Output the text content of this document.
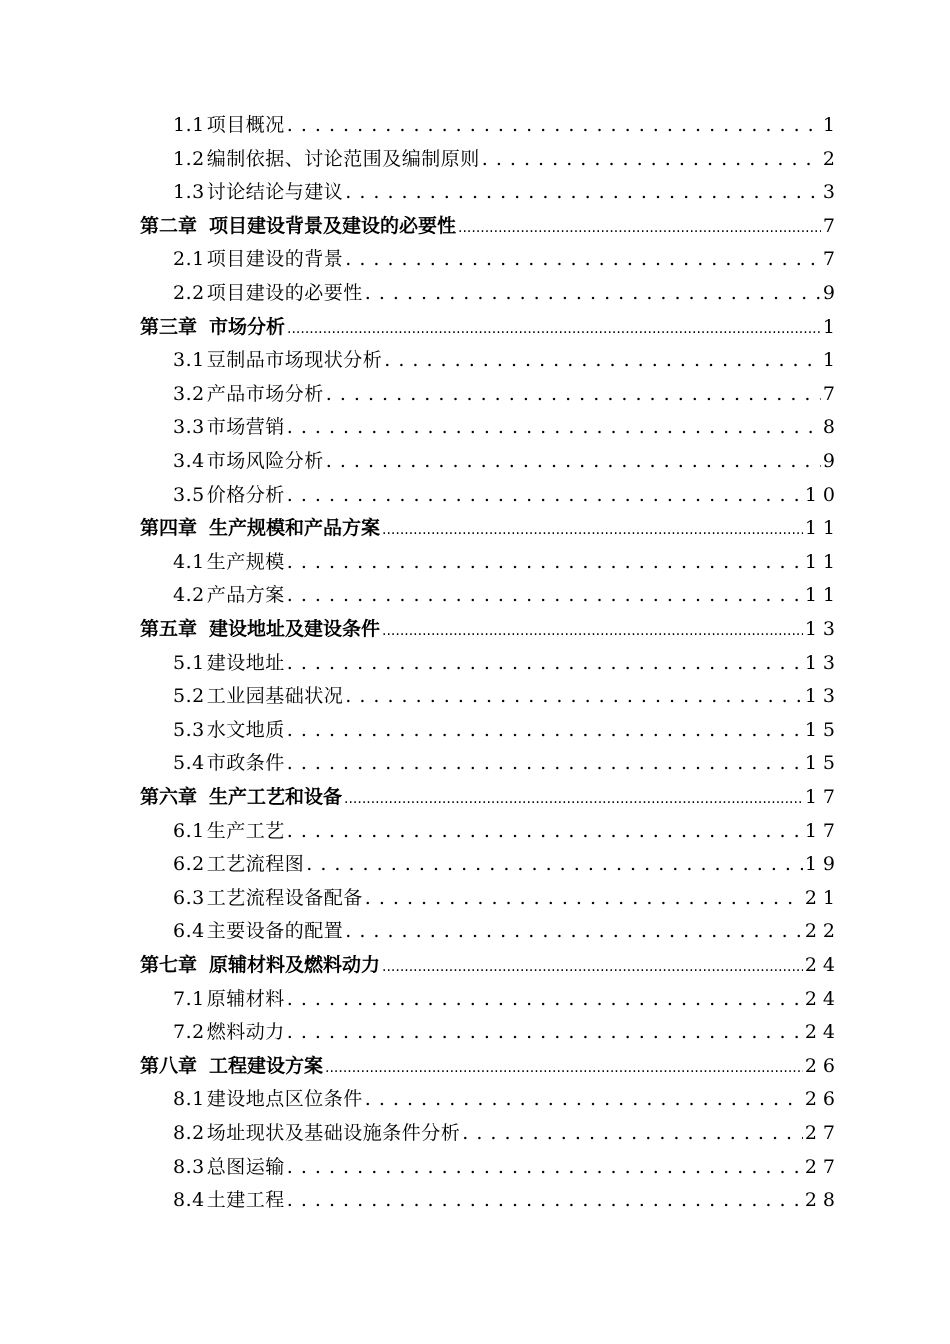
1.1 项目概况 . . .	1
1.2 编制依据、讨论范围及编制原则 . . .	2
1.3 讨论结论与建议 . . .	3
第二章 项目建设背景及建设的必要性 .....	7
2.1 项目建设的背景 . . .	7
2.2 项目建设的必要性 . . .	9
第三章 市场分析 .....	1
3.1 豆制品市场现状分析 . . .	1
3.2 产品市场分析 . . .	7
3.3 市场营销 . . .	8
3.4 市场风险分析 . . .	9
3.5 价格分析 . . .	10
第四章 生产规模和产品方案 .....	11
4.1 生产规模 . . .	11
4.2 产品方案 . . .	11
第五章 建设地址及建设条件 .....	13
5.1 建设地址 . . .	13
5.2 工业园基础状况 . . .	13
5.3 水文地质 . . .	15
5.4 市政条件 . . .	15
第六章 生产工艺和设备 .....	17
6.1 生产工艺 . . .	17
6.2 工艺流程图 . . .	19
6.3 工艺流程设备配备 . . .	21
6.4 主要设备的配置 . . .	22
第七章 原辅材料及燃料动力 .....	24
7.1 原辅材料 . . .	24
7.2 燃料动力 . . .	24
第八章 工程建设方案 .....	26
8.1 建设地点区位条件 . . .	26
8.2 场址现状及基础设施条件分析 . . .	27
8.3 总图运输 . . .	27
8.4 土建工程 . . .	28
